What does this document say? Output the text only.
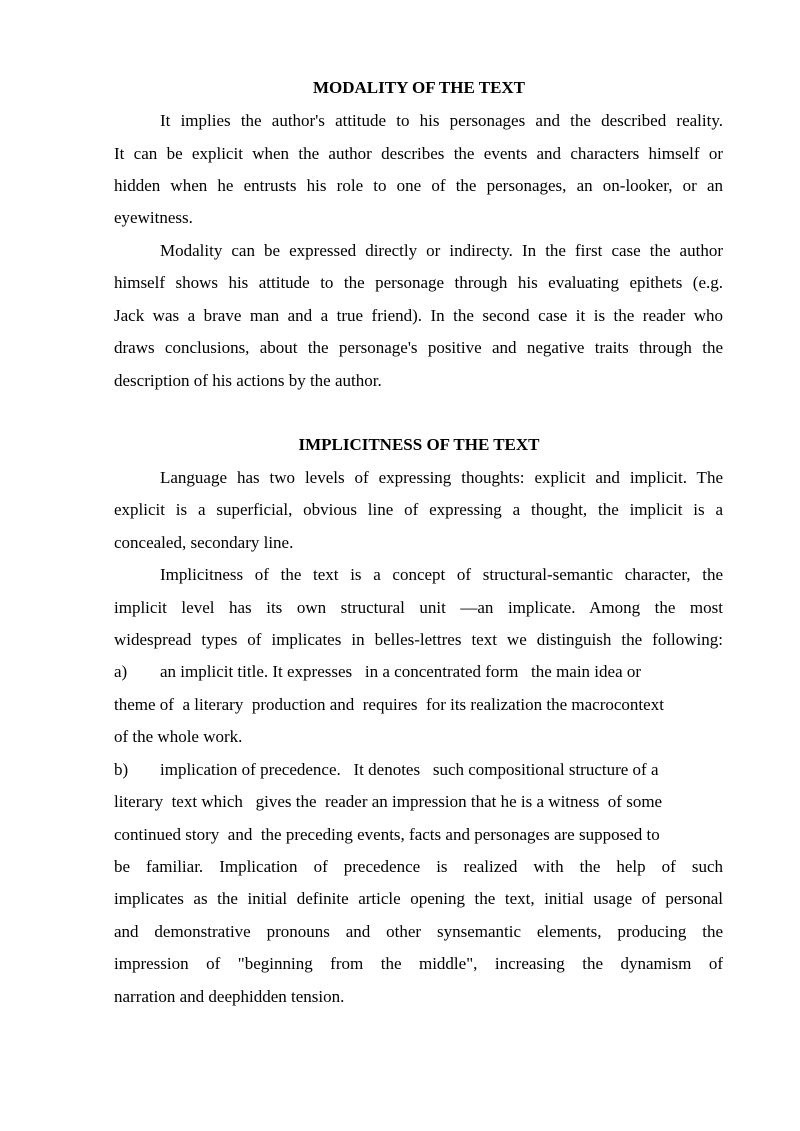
MODALITY OF THE TEXT
It implies the author's attitude to his personages and the described reality.
It can be explicit when the author describes the events and characters himself or
hidden when he entrusts his role to one of the personages, an on-looker, or an
eyewitness.
Modality can be expressed directly or indirecty. In the first case the author
himself shows his attitude to the personage through his evaluating epithets (e.g.
Jack was a brave man and a true friend). In the second case it is the reader who
draws conclusions, about the personage's positive and negative traits through the
description of his actions by the author.
IMPLICITNESS OF THE TEXT
Language has two levels of expressing thoughts: explicit and implicit. The
explicit is a superficial, obvious line of expressing a thought, the implicit is a
concealed, secondary line.
Implicitness of the text is a concept of structural-semantic character, the
implicit level has its own structural unit —an implicate. Among the most
widespread types of implicates in belles-lettres text we distinguish the following:
a) an implicit title. It expresses   in a concentrated form   the main idea or
theme of  a literary  production and  requires  for its realization the macrocontext
of the whole work.
b) implication of precedence.   It denotes   such compositional structure of a
literary  text which   gives the  reader an impression that he is a witness  of some
continued story  and  the preceding events, facts and personages are supposed to
be familiar. Implication of precedence is realized with the help of such
implicates as the initial definite article opening the text, initial usage of personal
and demonstrative pronouns and other synsemantic elements, producing the
impression of "beginning from the middle", increasing the dynamism of
narration and deephidden tension.
